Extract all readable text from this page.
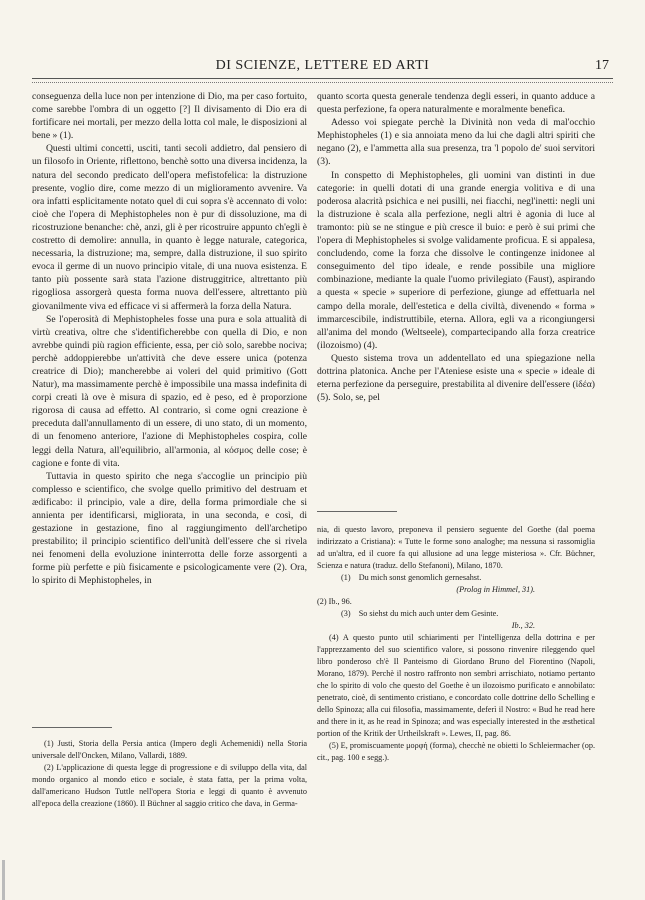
DI SCIENZE, LETTERE ED ARTI	17

conseguenza della luce non per intenzione di Dio, ma per caso fortuito, come sarebbe l'ombra di un oggetto [?] Il divisamento di Dio era di fortificare nei mortali, per mezzo della lotta col male, le disposizioni al bene » (1).

Questi ultimi concetti, usciti, tanti secoli addietro, dal pensiero di un filosofo in Oriente, riflettono, benchè sotto una diversa incidenza, la natura del secondo predicato dell'opera mefistofelica: la distruzione presente, voglio dire, come mezzo di un miglioramento avvenire. Va ora infatti esplicitamente notato quel di cui sopra s'è accennato di volo: cioè che l'opera di Mephistopheles non è pur di dissoluzione, ma di ricostruzione benanche: chè, anzi, gli è per ricostruire appunto ch'egli è costretto di demolire: annulla, in quanto è legge naturale, categorica, necessaria, la distruzione; ma, sempre, dalla distruzione, il suo spirito evoca il germe di un nuovo principio vitale, di una nuova esistenza. E tanto più possente sarà stata l'azione distruggitrice, altrettanto più rigogliosa assorgerà questa forma nuova dell'essere, altrettanto più giovanilmente viva ed efficace vi si affermerà la forza della Natura.

Se l'operosità di Mephistopheles fosse una pura e sola attualità di virtù creativa, oltre che s'identificherebbe con quella di Dio, e non avrebbe quindi più ragion efficiente, essa, per ciò solo, sarebbe nociva; perchè addoppierebbe un'attività che deve essere unica (potenza creatrice di Dio); mancherebbe ai voleri del quid primitivo (Gott Natur), ma massimamente perchè è impossibile una massa indefinita di corpi creati là ove è misura di spazio, ed è peso, ed è proporzione rigorosa di causa ad effetto. Al contrario, sì come ogni creazione è preceduta dall'annullamento di un essere, di uno stato, di un momento, di un fenomeno anteriore, l'azione di Mephistopheles cospira, colle leggi della Natura, all'equilibrio, all'armonia, al κόσμος delle cose; è cagione e fonte di vita.

Tuttavia in questo spirito che nega s'accoglie un principio più complesso e scientifico, che svolge quello primitivo del destruam et ædificabo: il principio, vale a dire, della forma primordiale che si annienta per identificarsi, migliorata, in una seconda, e così, di gestazione in gestazione, fino al raggiungimento dell'archetipo prestabilito; il principio scientifico dell'unità dell'essere che si rivela nei fenomeni della evoluzione ininterrotta delle forze assorgenti a forme più perfette e più fisicamente e psicologicamente vere (2). Ora, lo spirito di Mephistopheles, in

(1) Justi, Storia della Persia antica (Impero degli Achemenidi) nella Storia universale dell'Oncken, Milano, Vallardi, 1889.

(2) L'applicazione di questa legge di progressione e di sviluppo della vita, dal mondo organico al mondo etico e sociale, è stata fatta, per la prima volta, dall'americano Hudson Tuttle nell'opera Storia e leggi di quanto è avvenuto all'epoca della creazione (1860). Il Büchner al saggio critico che dava, in Germa-

quanto scorta questa generale tendenza degli esseri, in quanto adduce a questa perfezione, fa opera naturalmente e moralmente benefica.

Adesso voi spiegate perchè la Divinità non veda di mal'occhio Mephistopheles (1) e sia annoiata meno da lui che dagli altri spiriti che negano (2), e l'ammetta alla sua presenza, tra 'l popolo de' suoi servitori (3).

In conspetto di Mephistopheles, gli uomini van distinti in due categorie: in quelli dotati di una grande energia volitiva e di una poderosa alacrità psichica e nei pusilli, nei fiacchi, negl'inetti: negli uni la distruzione è scala alla perfezione, negli altri è agonia di luce al tramonto: più se ne stingue e più cresce il buio: e però è sui primi che l'opera di Mephistopheles si svolge validamente proficua. E si appalesa, concludendo, come la forza che dissolve le contingenze inidonee al conseguimento del tipo ideale, e rende possibile una migliore combinazione, mediante la quale l'uomo privilegiato (Faust), aspirando a questa « specie » superiore di perfezione, giunge ad effettuarla nel campo della morale, dell'estetica e della civiltà, divenendo « forma » immarcescibile, indistruttibile, eterna. Allora, egli va a ricongiungersi all'anima del mondo (Weltseele), compartecipando alla forza creatrice (ilozoismo) (4).

Questo sistema trova un addentellato ed una spiegazione nella dottrina platonica. Anche per l'Ateniese esiste una « specie » ideale di eterna perfezione da perseguire, prestabilita al divenire dell'essere (ἰδέα) (5). Solo, se, pel

nia, di questo lavoro, preponeva il pensiero seguente del Goethe (dal poema indirizzato a Cristiana): « Tutte le forme sono analoghe; ma nessuna si rassomiglia ad un'altra, ed il cuore fa qui allusione ad una legge misteriosa ». Cfr. Büchner, Scienza e natura (traduz. dello Stefanoni), Milano, 1870.

(1) Du mich sonst genomlich gernesahst.

(Prolog in Himmel, 31).

(2) Ib., 96.

(3) So siehst du mich auch unter dem Gesinte.

Ib., 32.

(4) A questo punto util schiarimenti per l'intelligenza della dottrina e per l'apprezzamento del suo scientifico valore, si possono rinvenire rileggendo quel libro ponderoso ch'è Il Panteismo di Giordano Bruno del Fiorentino (Napoli, Morano, 1879). Perchè il nostro raffronto non sembri arrischiato, notiamo pertanto che lo spirito di volo che questo del Goethe è un ilozoismo purificato e annobilato: penetrato, cioè, di sentimento cristiano, e concordato colle dottrine dello Schelling e dello Spinoza; alla cui filosofia, massimamente, deferì il Nostro: « Bud he read here and there in it, as he read in Spinoza; and was especially interested in the æsthetical portion of the Kritik der Urtheilskraft ». Lewes, II, pag. 86.

(5) E, promiscuamente μορφή (forma), checchè ne obietti lo Schleiermacher (op. cit., pag. 100 e segg.).
